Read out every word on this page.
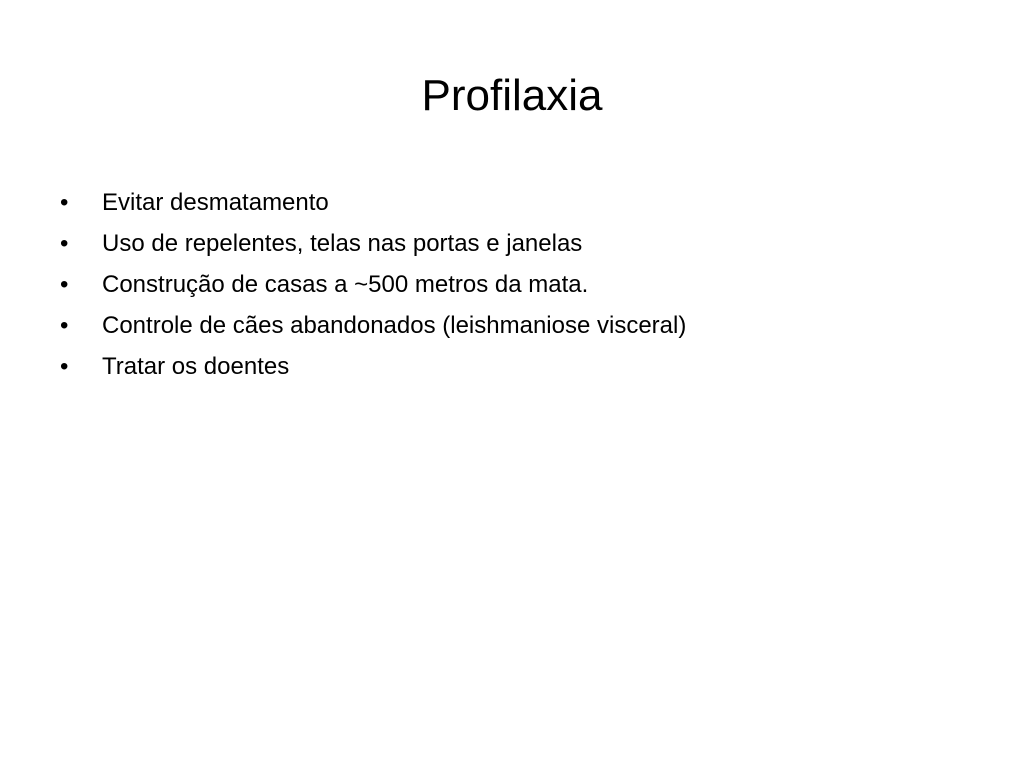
Profilaxia
•	Evitar desmatamento
•	Uso de repelentes, telas nas portas e janelas
•	Construção de casas a ~500 metros da mata.
•	Controle de cães abandonados (leishmaniose visceral)
•	Tratar os doentes
